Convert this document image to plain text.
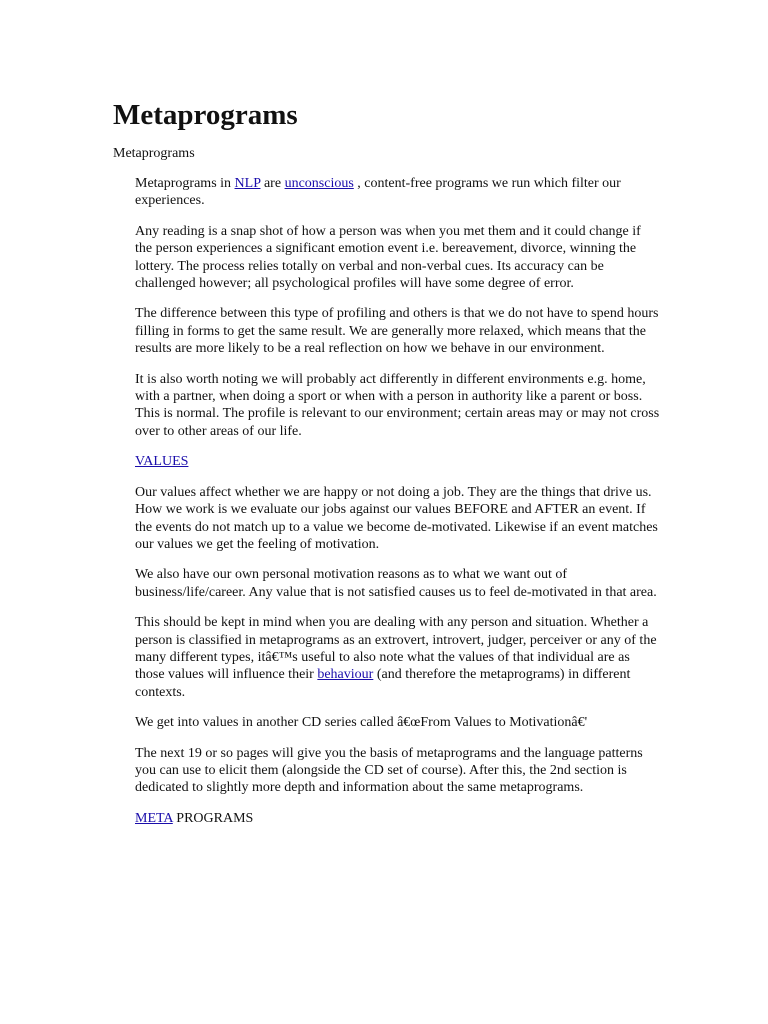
Metaprograms

Metaprograms

Metaprograms in NLP are unconscious , content-free programs we run which filter our experiences.

Any reading is a snap shot of how a person was when you met them and it could change if the person experiences a significant emotion event i.e. bereavement, divorce, winning the lottery. The process relies totally on verbal and non-verbal cues. Its accuracy can be challenged however; all psychological profiles will have some degree of error.

The difference between this type of profiling and others is that we do not have to spend hours filling in forms to get the same result. We are generally more relaxed, which means that the results are more likely to be a real reflection on how we behave in our environment.

It is also worth noting we will probably act differently in different environments e.g. home, with a partner, when doing a sport or when with a person in authority like a parent or boss. This is normal. The profile is relevant to our environment; certain areas may or may not cross over to other areas of our life.

VALUES

Our values affect whether we are happy or not doing a job. They are the things that drive us. How we work is we evaluate our jobs against our values BEFORE and AFTER an event. If the events do not match up to a value we become de-motivated. Likewise if an event matches our values we get the feeling of motivation.

We also have our own personal motivation reasons as to what we want out of business/life/career. Any value that is not satisfied causes us to feel de-motivated in that area.

This should be kept in mind when you are dealing with any person and situation. Whether a person is classified in metaprograms as an extrovert, introvert, judger, perceiver or any of the many different types, itâ€™s useful to also note what the values of that individual are as those values will influence their behaviour (and therefore the metaprograms) in different contexts.

We get into values in another CD series called â€œFrom Values to Motivationâ€'

The next 19 or so pages will give you the basis of metaprograms and the language patterns you can use to elicit them (alongside the CD set of course). After this, the 2nd section is dedicated to slightly more depth and information about the same metaprograms.

META PROGRAMS
